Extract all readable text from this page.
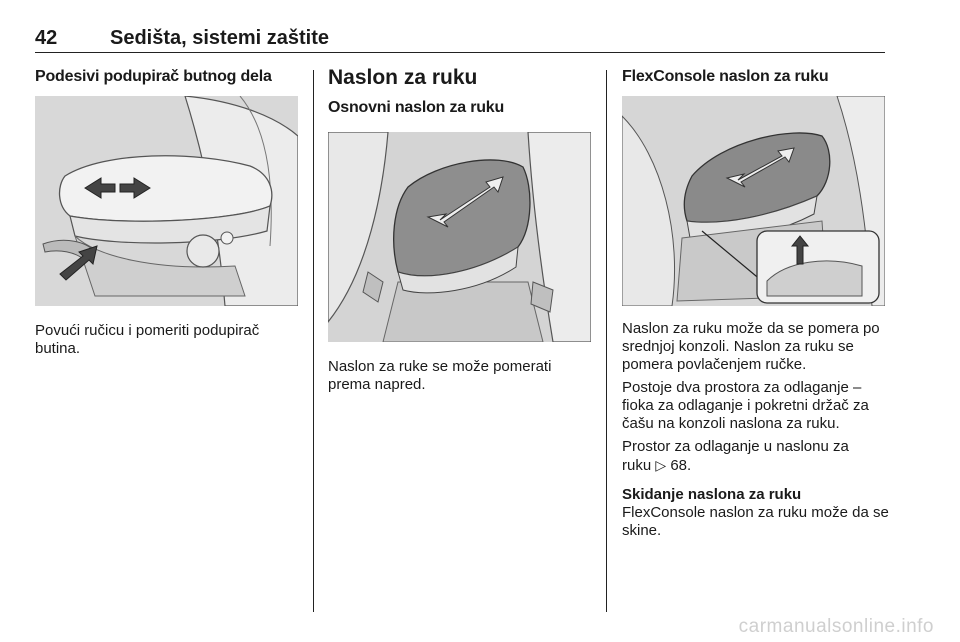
42	Sedišta, sistemi zaštite
Podesivi podupirač butnog dela

Povući ručicu i pomeriti podupirač butina.

Naslon za ruku
Osnovni naslon za ruku

Naslon za ruke se može pomerati prema napred.

FlexConsole naslon za ruku

Naslon za ruku može da se pomera po srednjoj konzoli. Naslon za ruku se pomera povlačenjem ručke.

Postoje dva prostora za odlaganje – fioka za odlaganje i pokretni držač za čašu na konzoli naslona za ruku.

Prostor za odlaganje u naslonu za ruku ▷ 68.

Skidanje naslona za ruku

FlexConsole naslon za ruku može da se skine.

carmanualsonline.info
